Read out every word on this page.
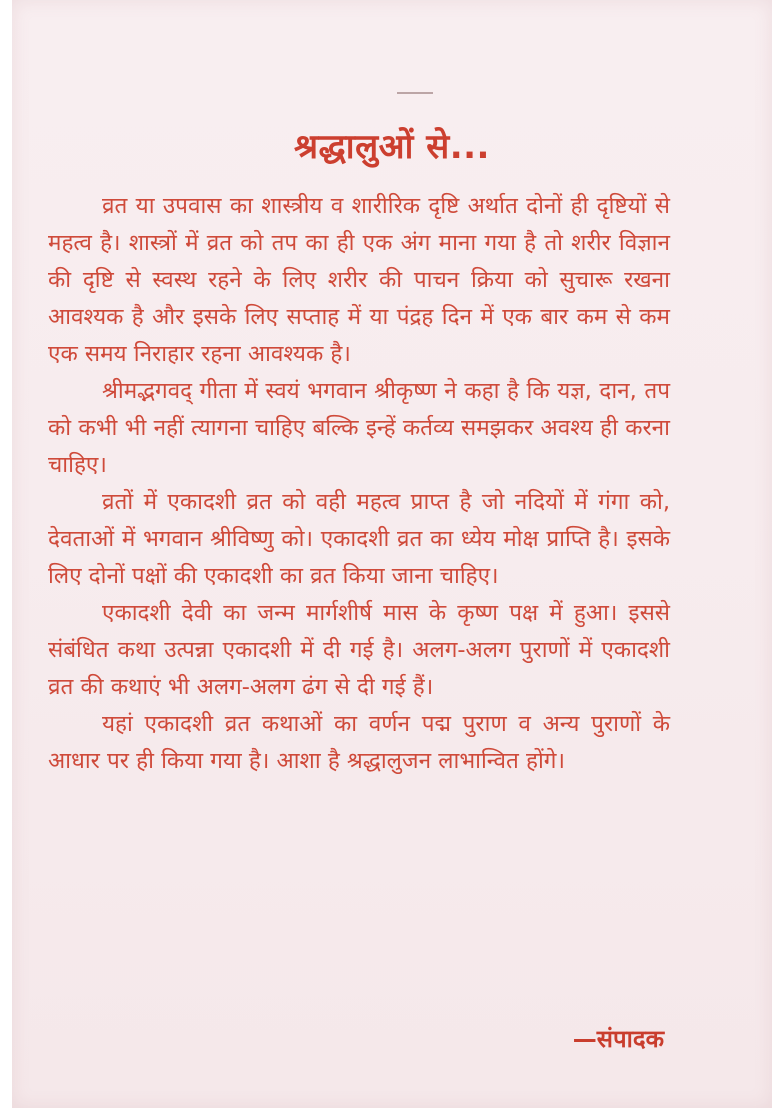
श्रद्धालुओं से...

व्रत या उपवास का शास्त्रीय व शारीरिक दृष्टि अर्थात दोनों ही दृष्टियों से महत्व है। शास्त्रों में व्रत को तप का ही एक अंग माना गया है तो शरीर विज्ञान की दृष्टि से स्वस्थ रहने के लिए शरीर की पाचन क्रिया को सुचारू रखना आवश्यक है और इसके लिए सप्ताह में या पंद्रह दिन में एक बार कम से कम एक समय निराहार रहना आवश्यक है।

श्रीमद्भगवद् गीता में स्वयं भगवान श्रीकृष्ण ने कहा है कि यज्ञ, दान, तप को कभी भी नहीं त्यागना चाहिए बल्कि इन्हें कर्तव्य समझकर अवश्य ही करना चाहिए।

व्रतों में एकादशी व्रत को वही महत्व प्राप्त है जो नदियों में गंगा को, देवताओं में भगवान श्रीविष्णु को। एकादशी व्रत का ध्येय मोक्ष प्राप्ति है। इसके लिए दोनों पक्षों की एकादशी का व्रत किया जाना चाहिए।

एकादशी देवी का जन्म मार्गशीर्ष मास के कृष्ण पक्ष में हुआ। इससे संबंधित कथा उत्पन्ना एकादशी में दी गई है। अलग-अलग पुराणों में एकादशी व्रत की कथाएं भी अलग-अलग ढंग से दी गई हैं।

यहां एकादशी व्रत कथाओं का वर्णन पद्म पुराण व अन्य पुराणों के आधार पर ही किया गया है। आशा है श्रद्धालुजन लाभान्वित होंगे।

—संपादक
